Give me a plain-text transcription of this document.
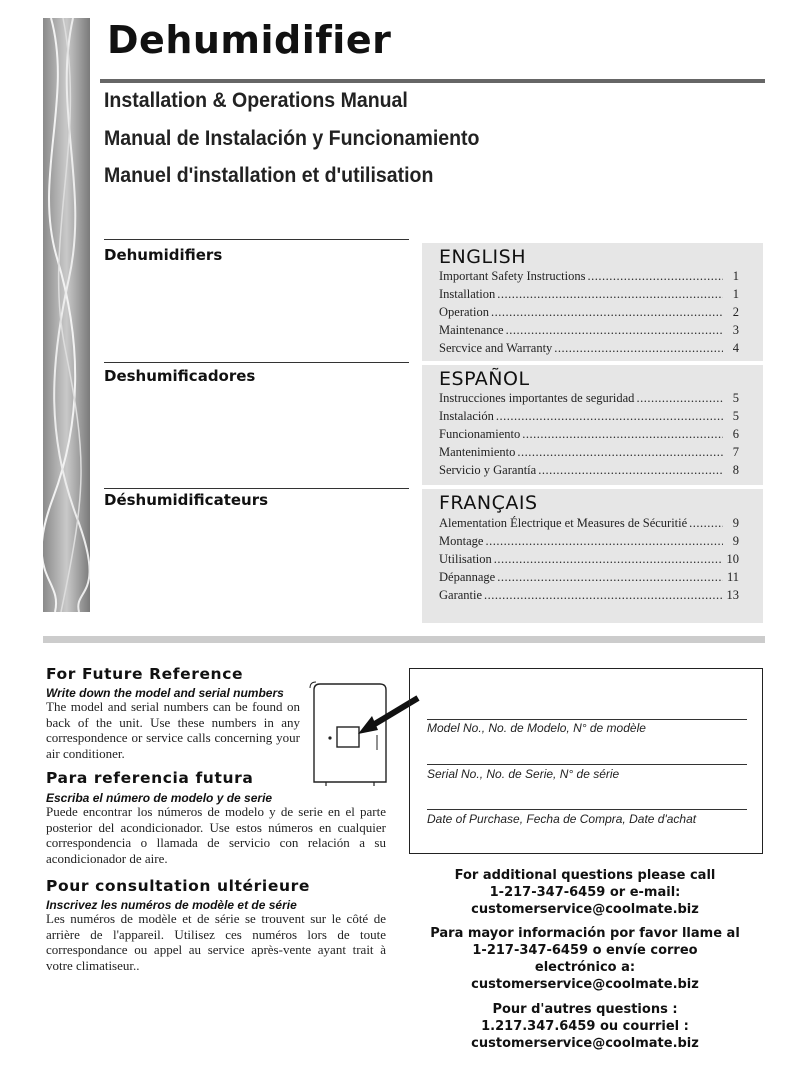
Dehumidifier
Installation & Operations Manual
Manual de Instalación y Funcionamiento
Manuel d'installation et d'utilisation
Dehumidifiers
Deshumificadores
Déshumidificateurs
ENGLISH
Important Safety Instructions .....	1
Installation .....	1
Operation .....	2
Maintenance .....	3
Sercvice and Warranty .....	4
ESPAÑOL
Instrucciones importantes de seguridad .....	5
Instalación .....	5
Funcionamiento .....	6
Mantenimiento .....	7
Servicio y Garantía .....	8
FRANÇAIS
Alementation Électrique et Measures de Sécuritié .....	9
Montage .....	9
Utilisation .....	10
Dépannage .....	11
Garantie .....	13
For Future Reference
Write down the model and serial numbers
The model and serial numbers can be found on back of the unit. Use these numbers in any correspondence or service calls concerning your air conditioner.
Para referencia futura
Escriba el número de modelo y de serie
Puede encontrar los números de modelo y de serie en el parte posterior del acondicionador. Use estos números en cualquier correspondencia o llamada de servicio con relación a su acondicionador de aire.
Pour consultation ultérieure
Inscrivez les numéros de modèle et de série
Les numéros de modèle et de série se trouvent sur le côté de arrière de l'appareil. Utilisez ces numéros lors de toute correspondance ou appel au service après-vente ayant trait à votre climatiseur..
Model No., No. de Modelo, N° de modèle
Serial No., No. de Serie, N° de série
Date of Purchase, Fecha de Compra, Date d'achat
For additional questions please call
1-217-347-6459 or e-mail:
customerservice@coolmate.biz
Para mayor información por favor llame al
1-217-347-6459 o envíe correo
electrónico a:
customerservice@coolmate.biz
Pour d'autres questions :
1.217.347.6459 ou courriel :
customerservice@coolmate.biz
